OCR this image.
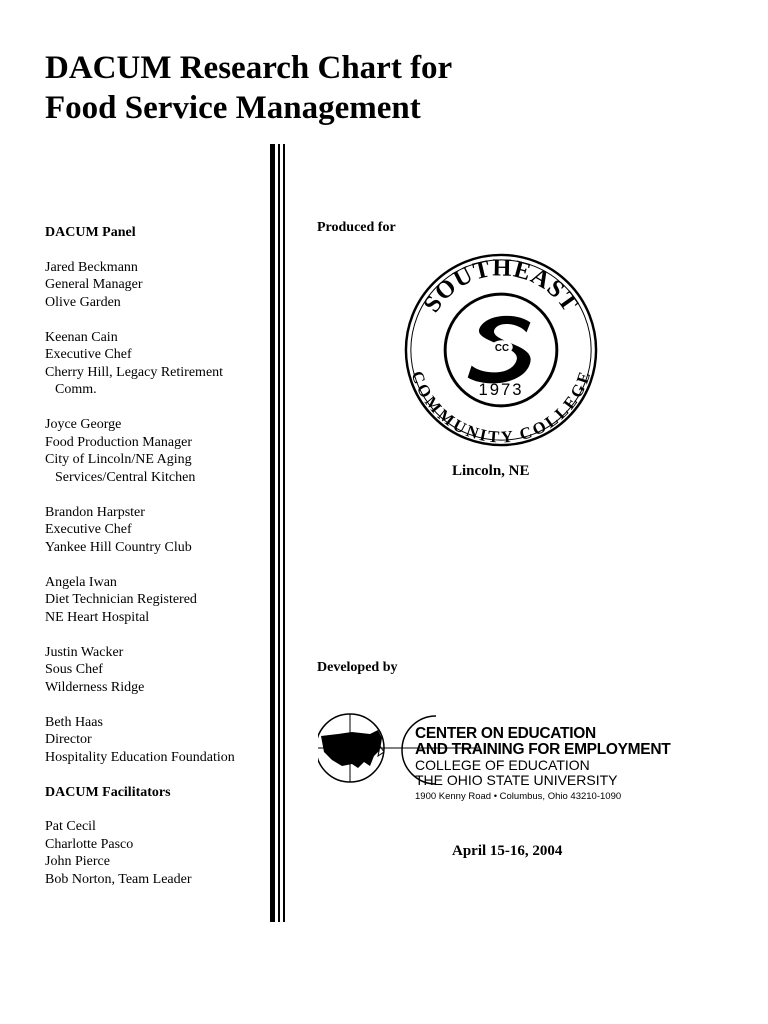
DACUM Research Chart for
Food Service Management
DACUM Panel
Jared Beckmann
General Manager
Olive Garden
Keenan Cain
Executive Chef
Cherry Hill, Legacy Retirement
Comm.
Joyce George
Food Production Manager
City of Lincoln/NE Aging
Services/Central Kitchen
Brandon Harpster
Executive Chef
Yankee Hill Country Club
Angela Iwan
Diet Technician Registered
NE Heart Hospital
Justin Wacker
Sous Chef
Wilderness Ridge
Beth Haas
Director
Hospitality Education Foundation
DACUM Facilitators
Pat Cecil
Charlotte Pasco
John Pierce
Bob Norton, Team Leader
Produced for
SOUTHEAST
COMMUNITY COLLEGE
CC
1973
Lincoln, NE
Developed by
CENTER ON EDUCATION
AND TRAINING FOR EMPLOYMENT
COLLEGE OF EDUCATION
THE OHIO STATE UNIVERSITY
1900 Kenny Road • Columbus, Ohio 43210-1090
April 15-16, 2004
